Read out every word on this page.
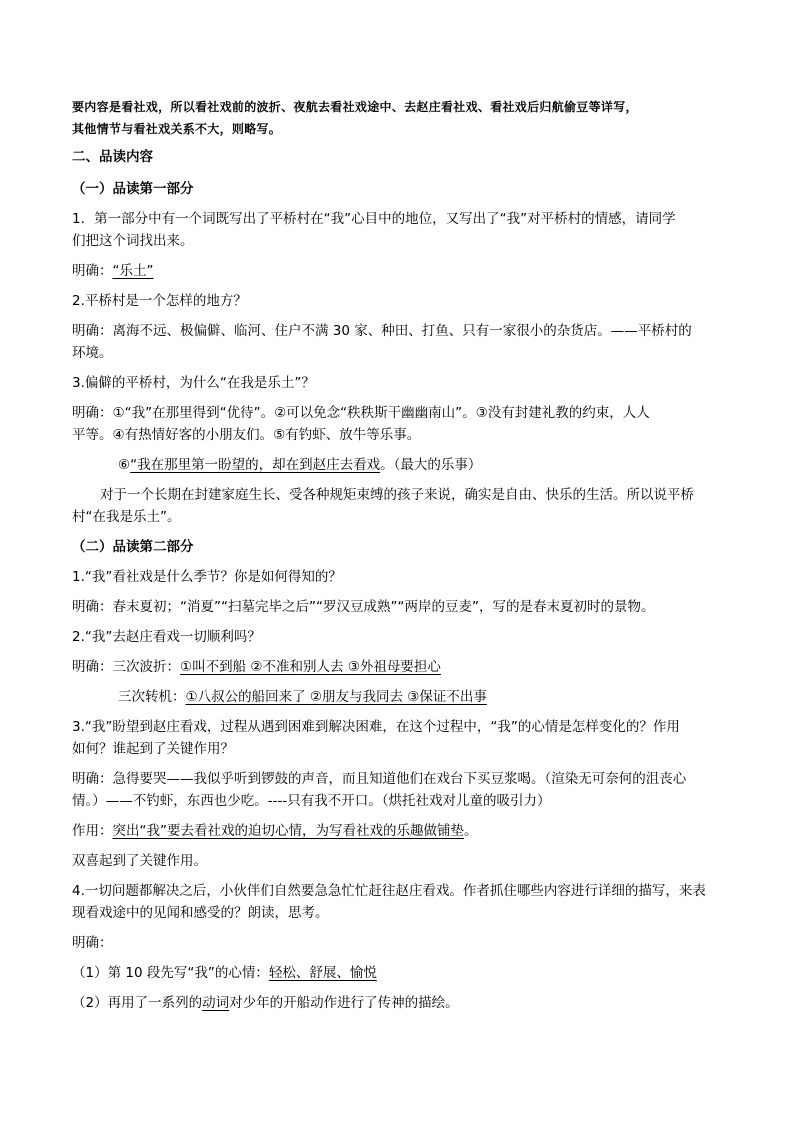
要内容是看社戏，所以看社戏前的波折、夜航去看社戏途中、去赵庄看社戏、看社戏后归航偷豆等详写，
其他情节与看社戏关系不大，则略写。
二、品读内容
（一）品读第一部分
1．第一部分中有一个词既写出了平桥村在“我”心目中的地位，又写出了“我”对平桥村的情感，请同学
们把这个词找出来。
明确：“乐土”
2.平桥村是一个怎样的地方？
明确：离海不远、极偏僻、临河、住户不满 30 家、种田、打鱼、只有一家很小的杂货店。——平桥村的
环境。
3.偏僻的平桥村，为什么“在我是乐土”？
明确：①“我”在那里得到“优待”。②可以免念“秩秩斯干幽幽南山”。③没有封建礼教的约束，人人
平等。④有热情好客的小朋友们。⑤有钓虾、放牛等乐事。
⑥“我在那里第一盼望的，却在到赵庄去看戏。（最大的乐事）
对于一个长期在封建家庭生长、受各种规矩束缚的孩子来说，确实是自由、快乐的生活。所以说平桥
村“在我是乐土”。
（二）品读第二部分
1.“我”看社戏是什么季节？你是如何得知的？
明确：春末夏初；“消夏”“扫墓完毕之后”“罗汉豆成熟”“两岸的豆麦”，写的是春末夏初时的景物。
2.“我”去赵庄看戏一切顺利吗？
明确：三次波折：①叫不到船 ②不准和别人去 ③外祖母要担心
三次转机：①八叔公的船回来了 ②朋友与我同去 ③保证不出事
3.“我”盼望到赵庄看戏，过程从遇到困难到解决困难，在这个过程中，“我”的心情是怎样变化的？作用
如何？谁起到了关键作用？
明确：急得要哭——我似乎听到锣鼓的声音，而且知道他们在戏台下买豆浆喝。（渲染无可奈何的沮丧心
情。）——不钓虾，东西也少吃。----只有我不开口。（烘托社戏对儿童的吸引力）
作用：突出“我”要去看社戏的迫切心情，为写看社戏的乐趣做铺垫。
双喜起到了关键作用。
4.一切问题都解决之后，小伙伴们自然要急急忙忙赶往赵庄看戏。作者抓住哪些内容进行详细的描写，来表
现看戏途中的见闻和感受的？朗读，思考。
明确：
（1）第 10 段先写“我”的心情：轻松、舒展、愉悦
（2）再用了一系列的动词对少年的开船动作进行了传神的描绘。
